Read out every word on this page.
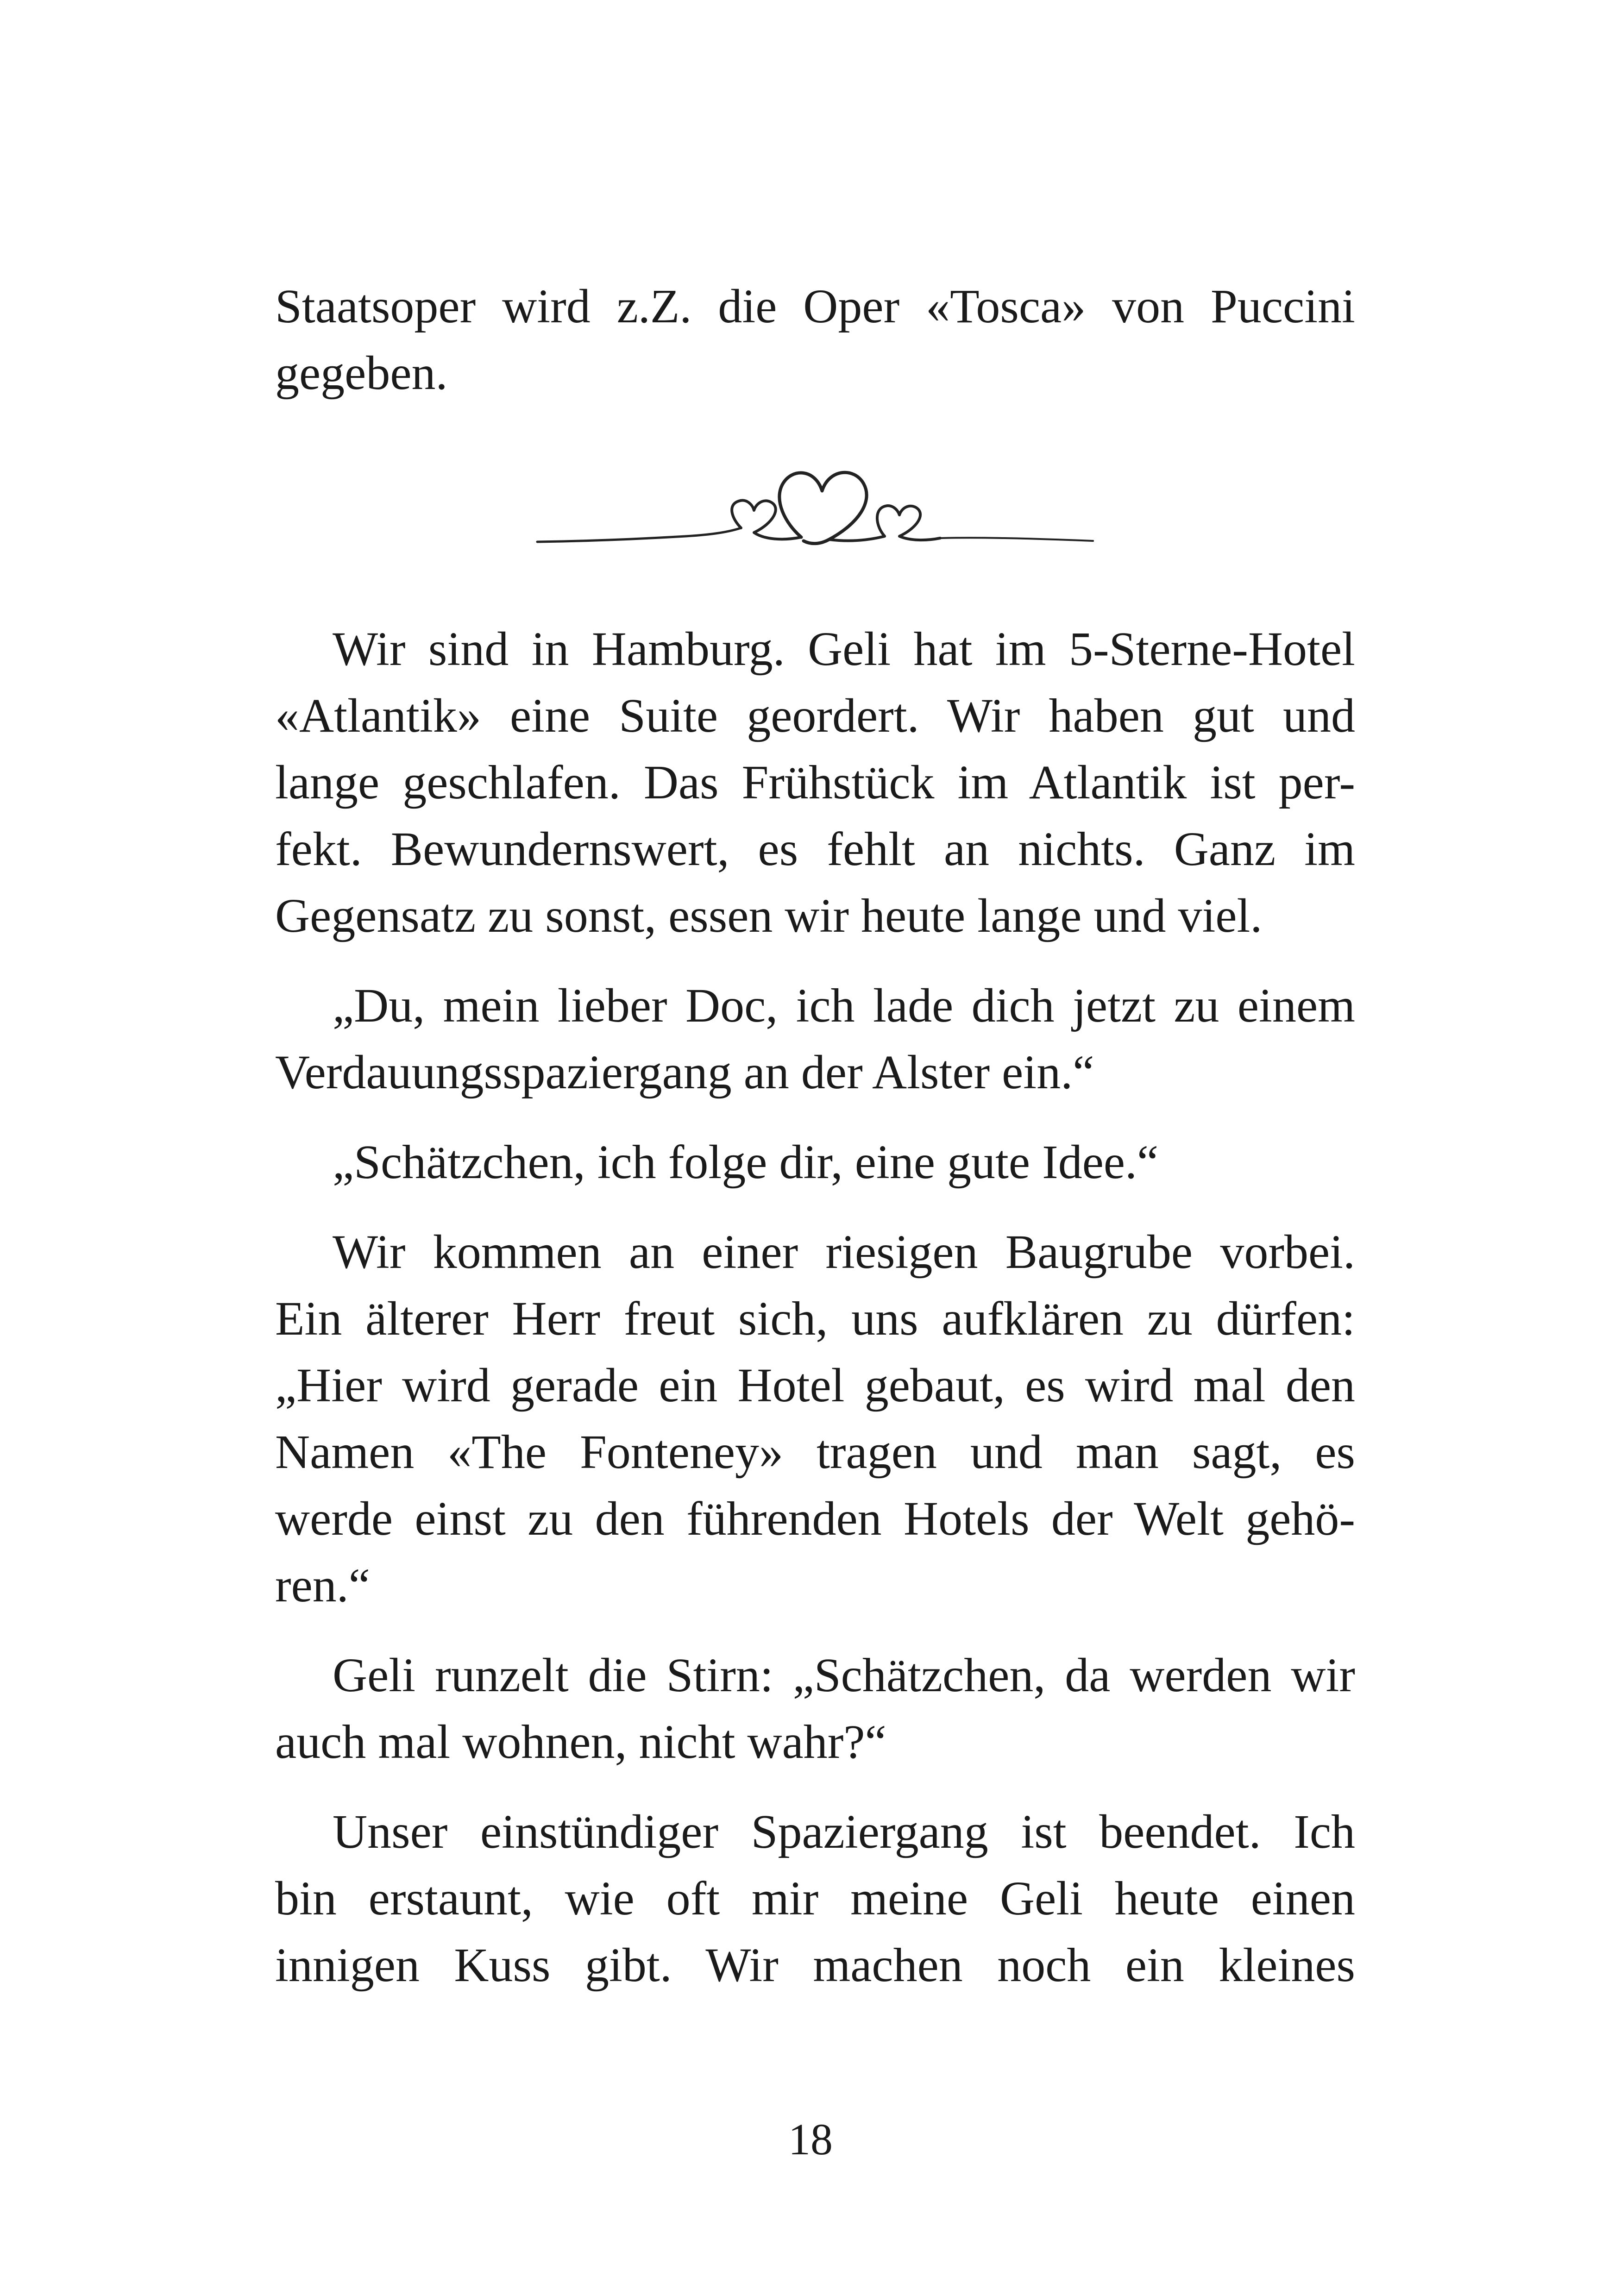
Staatsoper wird z.Z. die Oper «Tosca» von Puccini
gegeben.

Wir sind in Hamburg. Geli hat im 5-Sterne-Hotel
«Atlantik» eine Suite geordert. Wir haben gut und
lange geschlafen. Das Frühstück im Atlantik ist per-
fekt. Bewundernswert, es fehlt an nichts. Ganz im
Gegensatz zu sonst, essen wir heute lange und viel.

„Du, mein lieber Doc, ich lade dich jetzt zu einem
Verdauungsspaziergang an der Alster ein.“

„Schätzchen, ich folge dir, eine gute Idee.“

Wir kommen an einer riesigen Baugrube vorbei.
Ein älterer Herr freut sich, uns aufklären zu dürfen:
„Hier wird gerade ein Hotel gebaut, es wird mal den
Namen «The Fonteney» tragen und man sagt, es
werde einst zu den führenden Hotels der Welt gehö-
ren.“

Geli runzelt die Stirn: „Schätzchen, da werden wir
auch mal wohnen, nicht wahr?“

Unser einstündiger Spaziergang ist beendet. Ich
bin erstaunt, wie oft mir meine Geli heute einen
innigen Kuss gibt. Wir machen noch ein kleines

18
